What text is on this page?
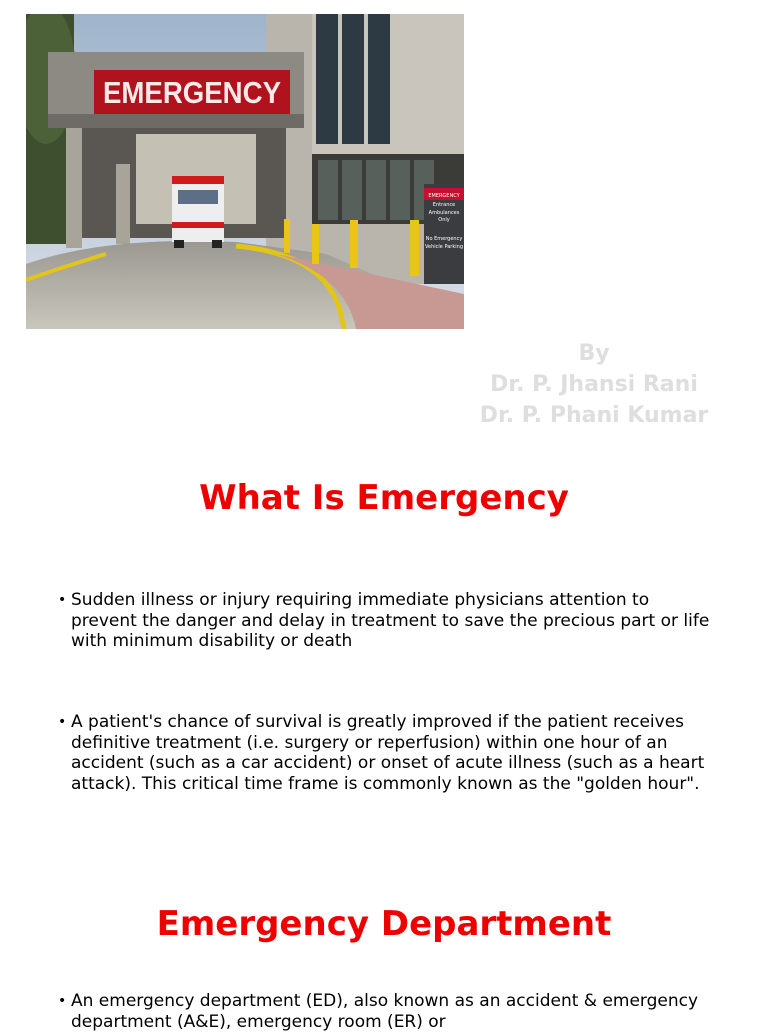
EMERGENCY
Ambulances
Only
No Emergency
Vehicle Parking
Entrance
EMERGENCY
By
Dr. P. Jhansi Rani
Dr. P. Phani Kumar
What Is Emergency
• Sudden illness or injury requiring immediate physicians attention to prevent the danger and delay in treatment to save the precious part or life with minimum disability or death
• A patient's chance of survival is greatly improved if the patient receives definitive treatment (i.e. surgery or reperfusion) within one hour of an accident (such as a car accident) or onset of acute illness (such as a heart attack). This critical time frame is commonly known as the "golden hour".
Emergency Department
• An emergency department (ED), also known as an accident & emergency department (A&E), emergency room (ER) or
